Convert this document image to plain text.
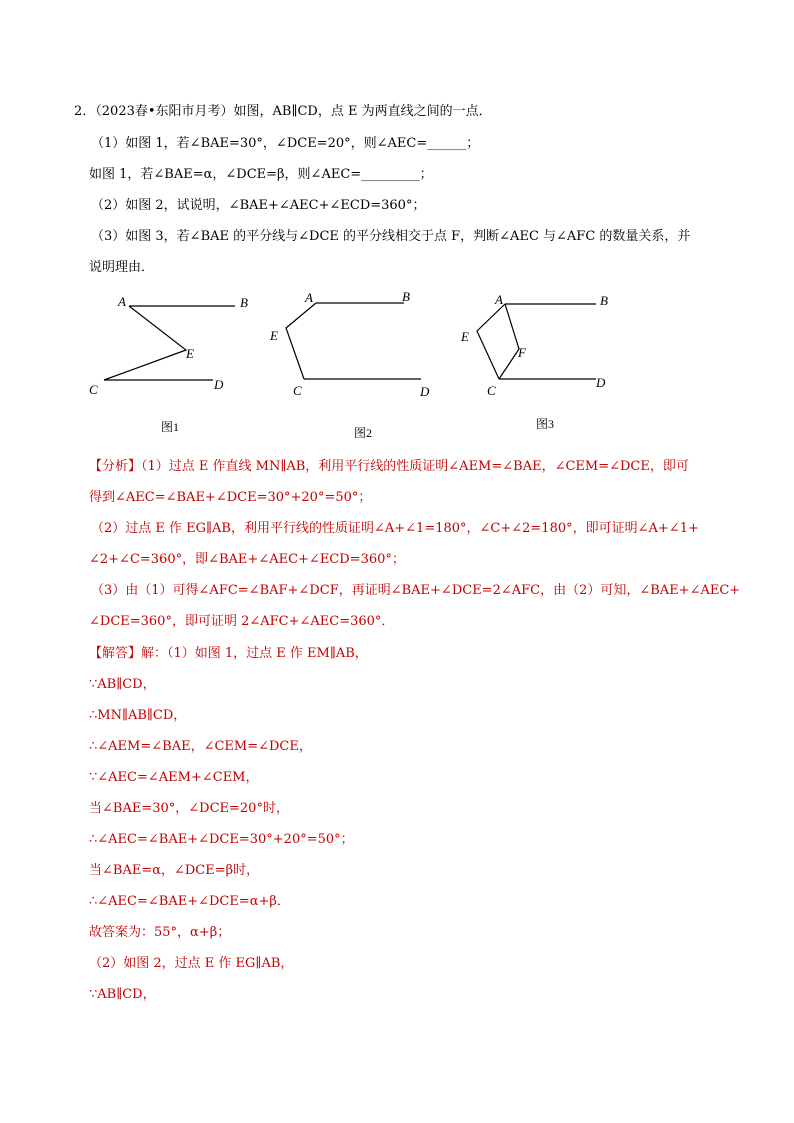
2．（2023春•东阳市月考）如图，AB∥CD，点 E 为两直线之间的一点．
（1）如图 1，若∠BAE=30°，∠DCE=20°，则∠AEC=______；
如图 1，若∠BAE=α，∠DCE=β，则∠AEC=_________；
（2）如图 2，试说明，∠BAE+∠AEC+∠ECD=360°；
（3）如图 3，若∠BAE 的平分线与∠DCE 的平分线相交于点 F，判断∠AEC 与∠AFC 的数量关系，并
说明理由．
A	B
E
C	D
图1
A	B
E
C	D
图2
A	B
E
F
C
D
图3
【分析】（1）过点 E 作直线 MN∥AB，利用平行线的性质证明∠AEM=∠BAE，∠CEM=∠DCE，即可
得到∠AEC=∠BAE+∠DCE=30°+20°=50°；
（2）过点 E 作 EG∥AB，利用平行线的性质证明∠A+∠1=180°，∠C+∠2=180°，即可证明∠A+∠1+
∠2+∠C=360°，即∠BAE+∠AEC+∠ECD=360°；
（3）由（1）可得∠AFC=∠BAF+∠DCF，再证明∠BAE+∠DCE=2∠AFC，由（2）可知，∠BAE+∠AEC+
∠DCE=360°，即可证明 2∠AFC+∠AEC=360°．
【解答】解：（1）如图 1，过点 E 作 EM∥AB，
∵AB∥CD，
∴MN∥AB∥CD，
∴∠AEM=∠BAE，∠CEM=∠DCE，
∵∠AEC=∠AEM+∠CEM，
当∠BAE=30°，∠DCE=20°时，
∴∠AEC=∠BAE+∠DCE=30°+20°=50°；
当∠BAE=α，∠DCE=β时，
∴∠AEC=∠BAE+∠DCE=α+β．
故答案为：55°，α+β；
（2）如图 2，过点 E 作 EG∥AB，
∵AB∥CD，
